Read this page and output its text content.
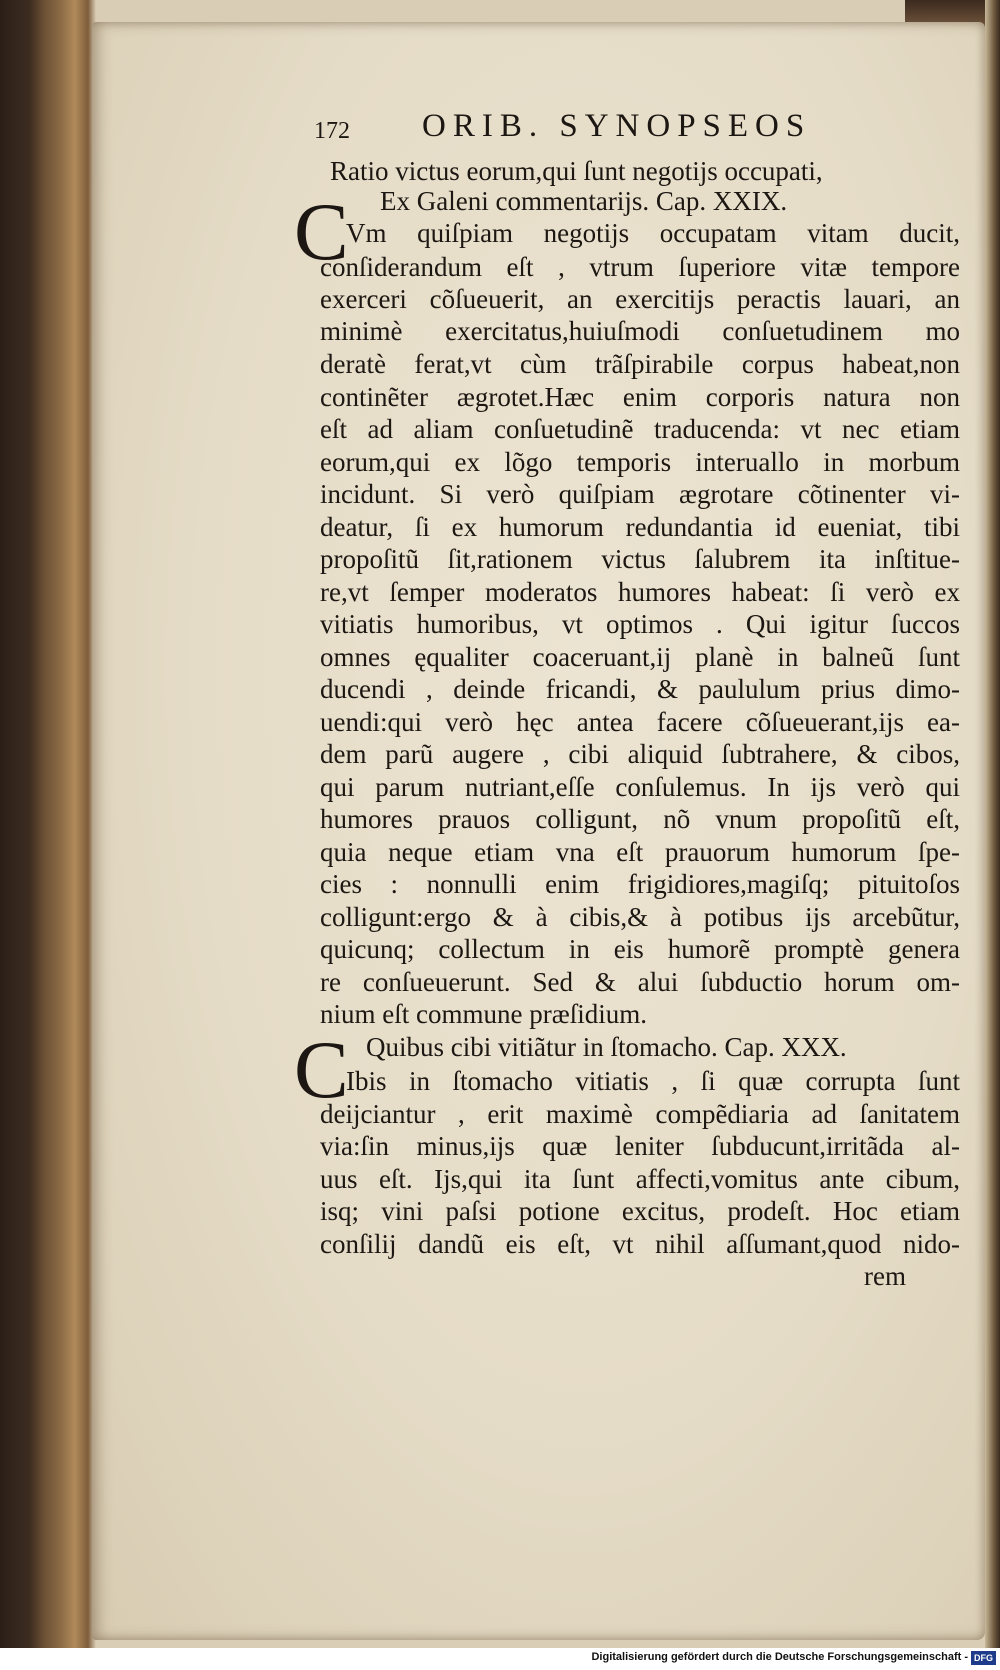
172 ORIB. SYNOPSEOS
Ratio victus eorum,qui ſunt negotijs occupati,
Ex Galeni commentarijs. Cap. XXIX.
C
Vm quiſpiam negotijs occupatam vitam ducit,
conſiderandum eſt , vtrum ſuperiore vitæ tempore
exerceri cõſueuerit, an exercitijs peractis lauari, an
minimè exercitatus,huiuſmodi conſuetudinem mo
deratè ferat,vt cùm trãſpirabile corpus habeat,non
continẽter ægrotet.Hæc enim corporis natura non
eſt ad aliam conſuetudinẽ traducenda: vt nec etiam
eorum,qui ex lõgo temporis interuallo in morbum
incidunt. Si verò quiſpiam ægrotare cõtinenter vi-
deatur, ſi ex humorum redundantia id eueniat, tibi
propoſitũ ſit,rationem victus ſalubrem ita inſtitue-
re,vt ſemper moderatos humores habeat: ſi verò ex
vitiatis humoribus, vt optimos . Qui igitur ſuccos
omnes ęqualiter coaceruant,ij planè in balneũ ſunt
ducendi , deinde fricandi, & paululum prius dimo-
uendi:qui verò hęc antea facere cõſueuerant,ijs ea-
dem parũ augere , cibi aliquid ſubtrahere, & cibos,
qui parum nutriant,eſſe conſulemus. In ijs verò qui
humores prauos colligunt, nõ vnum propoſitũ eſt,
quia neque etiam vna eſt prauorum humorum ſpe-
cies : nonnulli enim frigidiores,magiſq; pituitoſos
colligunt:ergo & à cibis,& à potibus ijs arcebũtur,
quicunq; collectum in eis humorẽ promptè genera
re conſueuerunt. Sed & alui ſubductio horum om-
nium eſt commune præſidium.
Quibus cibi vitiãtur in ſtomacho. Cap. XXX.
C
Ibis in ſtomacho vitiatis , ſi quæ corrupta ſunt
deijciantur , erit maximè compẽdiaria ad ſanitatem
via:ſin minus,ijs quæ leniter ſubducunt,irritãda al-
uus eſt. Ijs,qui ita ſunt affecti,vomitus ante cibum,
isq; vini paſsi potione excitus, prodeſt. Hoc etiam
conſilij dandũ eis eſt, vt nihil aſſumant,quod nido-
rem
Digitalisierung gefördert durch die Deutsche Forschungsgemeinschaft - DFG
